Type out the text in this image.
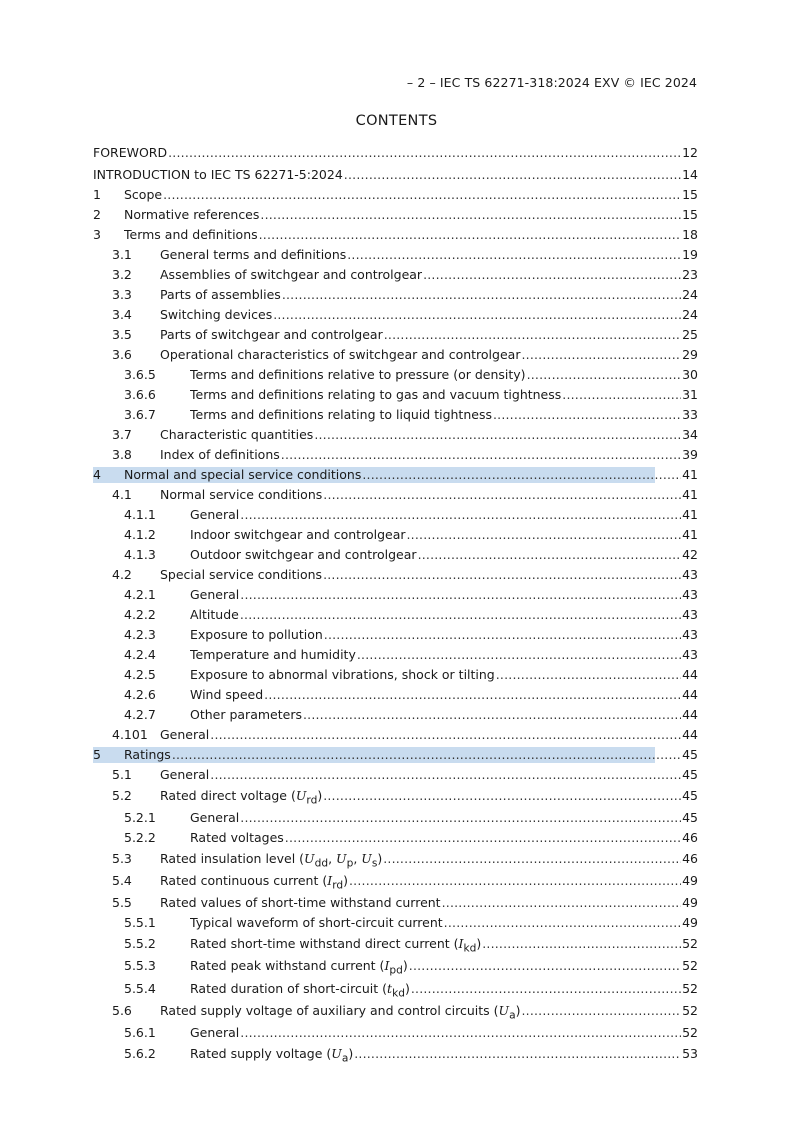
– 2 – IEC TS 62271-318:2024 EXV © IEC 2024
CONTENTS
FOREWORD .....	12
INTRODUCTION to IEC TS 62271-5:2024 .....	14
1	Scope .....	15
2	Normative references .....	15
3	Terms and definitions .....	18
3.1	General terms and definitions .....	19
3.2	Assemblies of switchgear and controlgear .....	23
3.3	Parts of assemblies .....	24
3.4	Switching devices .....	24
3.5	Parts of switchgear and controlgear .....	25
3.6	Operational characteristics of switchgear and controlgear .....	29
3.6.5	Terms and definitions relative to pressure (or density) .....	30
3.6.6	Terms and definitions relating to gas and vacuum tightness .....	31
3.6.7	Terms and definitions relating to liquid tightness .....	33
3.7	Characteristic quantities .....	34
3.8	Index of definitions .....	39
4	Normal and special service conditions .....	41
4.1	Normal service conditions .....	41
4.1.1	General .....	41
4.1.2	Indoor switchgear and controlgear .....	41
4.1.3	Outdoor switchgear and controlgear .....	42
4.2	Special service conditions .....	43
4.2.1	General .....	43
4.2.2	Altitude .....	43
4.2.3	Exposure to pollution .....	43
4.2.4	Temperature and humidity .....	43
4.2.5	Exposure to abnormal vibrations, shock or tilting .....	44
4.2.6	Wind speed .....	44
4.2.7	Other parameters .....	44
4.101 General .....	44
5	Ratings .....	45
5.1	General .....	45
5.2	Rated direct voltage $(U_{rd})$ .....	45
5.2.1	General .....	45
5.2.2	Rated voltages .....	46
5.3	Rated insulation level ($U_{dd}$, $U_p$, $U_s$) .....	46
5.4	Rated continuous current $(I_{rd})$ .....	49
5.5	Rated values of short-time withstand current .....	49
5.5.1	Typical waveform of short-circuit current .....	49
5.5.2	Rated short-time withstand direct current $(I_{kd})$ .....	52
5.5.3	Rated peak withstand current $(I_{pd})$ .....	52
5.5.4	Rated duration of short-circuit $(t_{kd})$ .....	52
5.6	Rated supply voltage of auxiliary and control circuits $(U_a)$ .....	52
5.6.1	General .....	52
5.6.2	Rated supply voltage $(U_a)$ .....	53
